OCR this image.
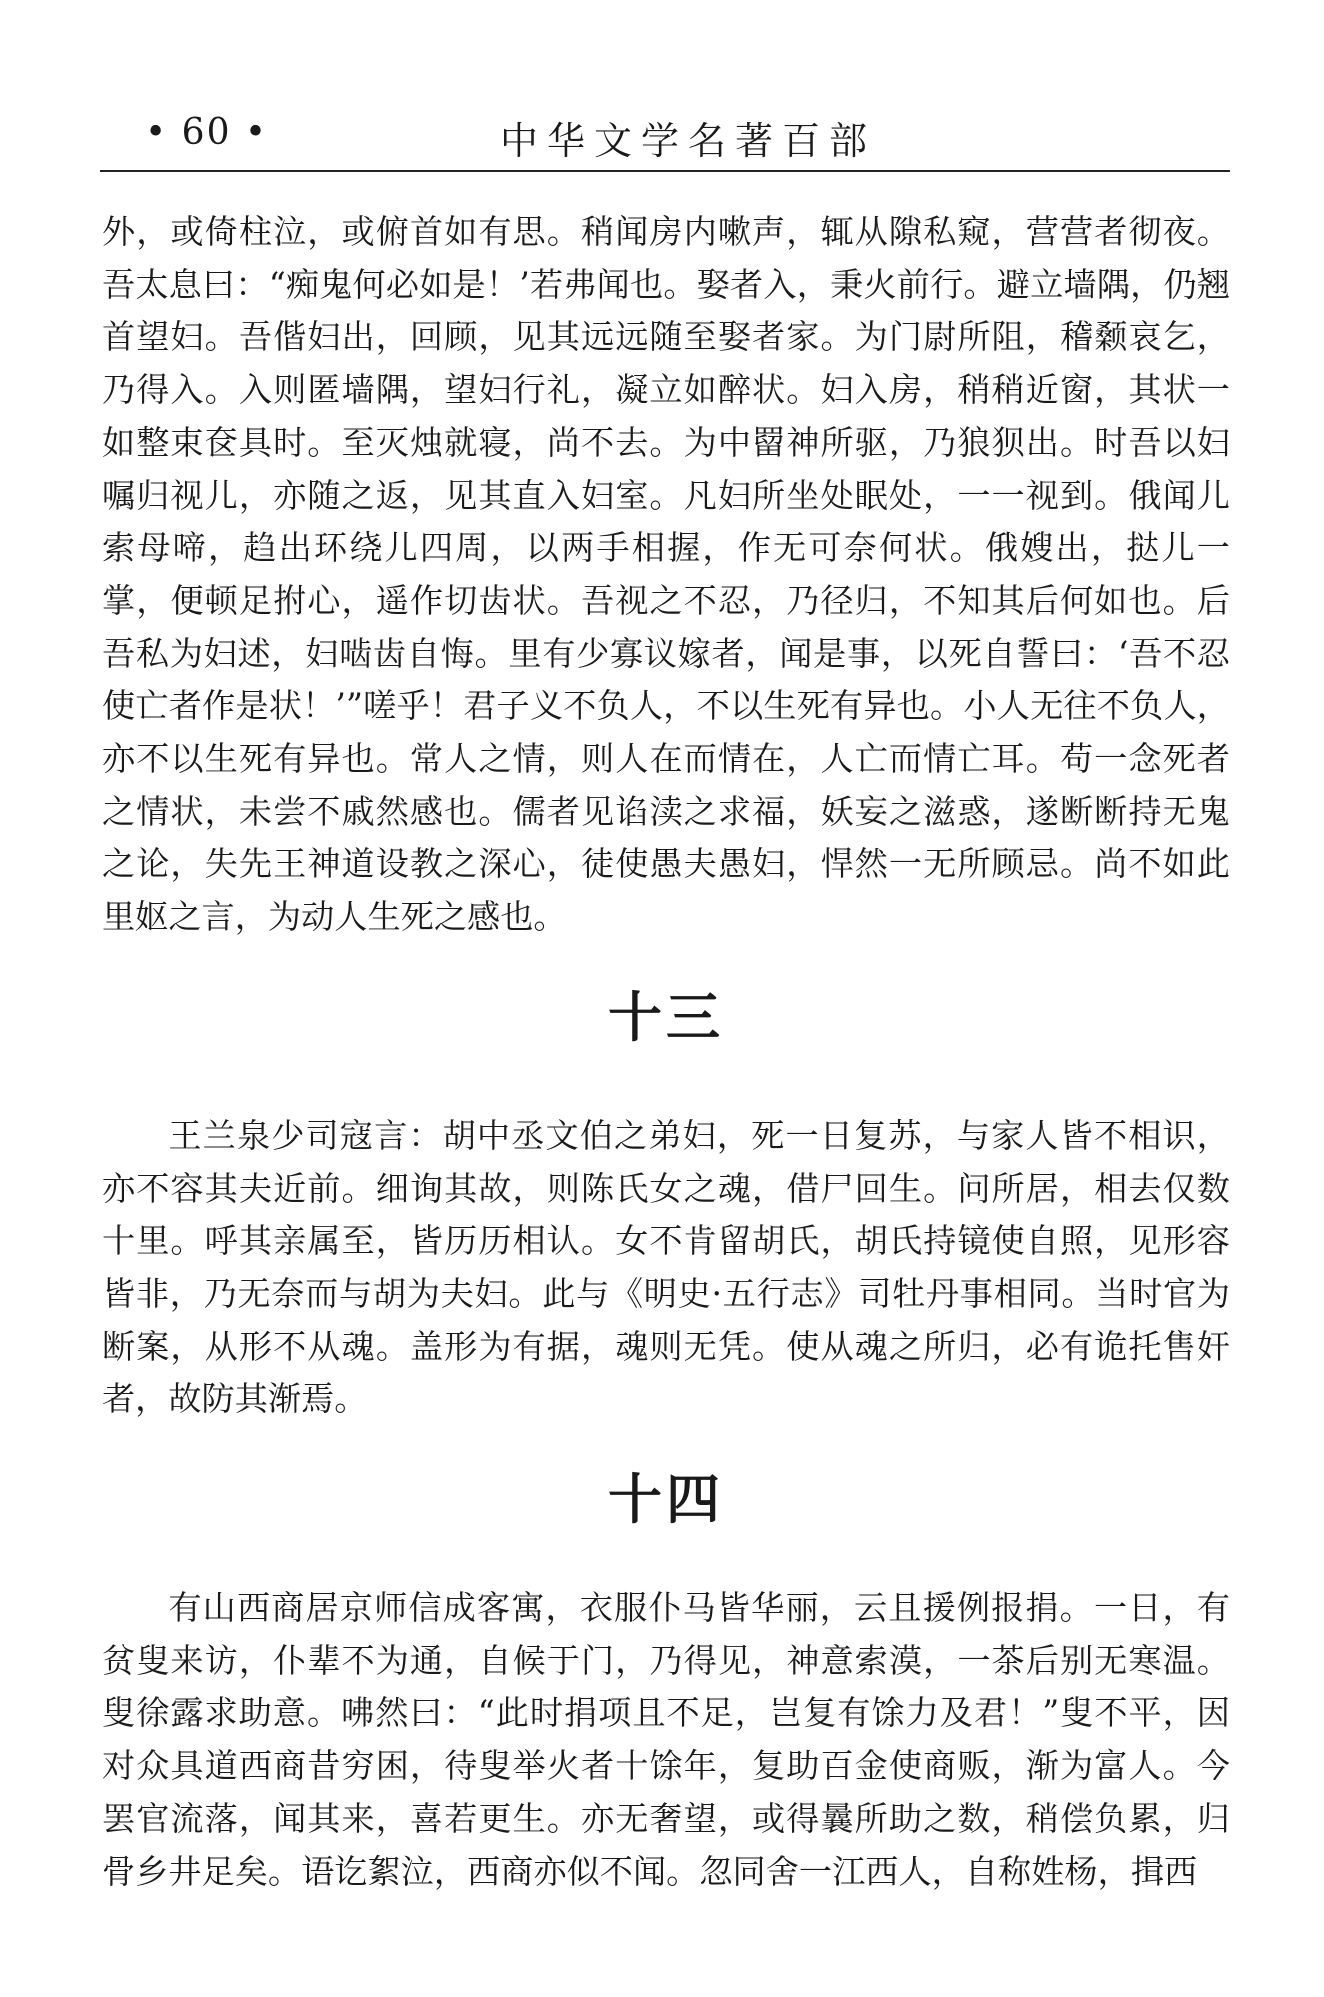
• 60 •	中华文学名著百部

外，或倚柱泣，或俯首如有思。稍闻房内嗽声，辄从隙私窥，营营者彻夜。吾太息曰：“痴鬼何必如是！’若弗闻也。娶者入，秉火前行。避立墙隅，仍翘首望妇。吾偕妇出，回顾，见其远远随至娶者家。为门尉所阻，稽颡哀乞，乃得入。入则匿墙隅，望妇行礼，凝立如醉状。妇入房，稍稍近窗，其状一如整束奁具时。至灭烛就寝，尚不去。为中罶神所驱，乃狼狈出。时吾以妇嘱归视儿，亦随之返，见其直入妇室。凡妇所坐处眠处，一一视到。俄闻儿索母啼，趋出环绕儿四周，以两手相握，作无可奈何状。俄嫂出，挞儿一掌，便顿足拊心，遥作切齿状。吾视之不忍，乃径归，不知其后何如也。后吾私为妇述，妇啮齿自悔。里有少寡议嫁者，闻是事，以死自誓曰：‘吾不忍使亡者作是状！’”嗟乎！君子义不负人，不以生死有异也。小人无往不负人，亦不以生死有异也。常人之情，则人在而情在，人亡而情亡耳。苟一念死者之情状，未尝不戚然感也。儒者见谄渎之求福，妖妄之滋惑，遂断断持无鬼之论，失先王神道设教之深心，徒使愚夫愚妇，悍然一无所顾忌。尚不如此里妪之言，为动人生死之感也。

十三

王兰泉少司寇言：胡中丞文伯之弟妇，死一日复苏，与家人皆不相识，亦不容其夫近前。细询其故，则陈氏女之魂，借尸回生。问所居，相去仅数十里。呼其亲属至，皆历历相认。女不肯留胡氏，胡氏持镜使自照，见形容皆非，乃无奈而与胡为夫妇。此与《明史·五行志》司牡丹事相同。当时官为断案，从形不从魂。盖形为有据，魂则无凭。使从魂之所归，必有诡托售奸者，故防其渐焉。

十四

有山西商居京师信成客寓，衣服仆马皆华丽，云且援例报捐。一日，有贫叟来访，仆辈不为通，自候于门，乃得见，神意索漠，一茶后别无寒温。叟徐露求助意。咈然曰：“此时捐项且不足，岂复有馀力及君！”叟不平，因对众具道西商昔穷困，待叟举火者十馀年，复助百金使商贩，渐为富人。今罢官流落，闻其来，喜若更生。亦无奢望，或得曩所助之数，稍偿负累，归骨乡井足矣。语讫絮泣，西商亦似不闻。忽同舍一江西人，自称姓杨，揖西
